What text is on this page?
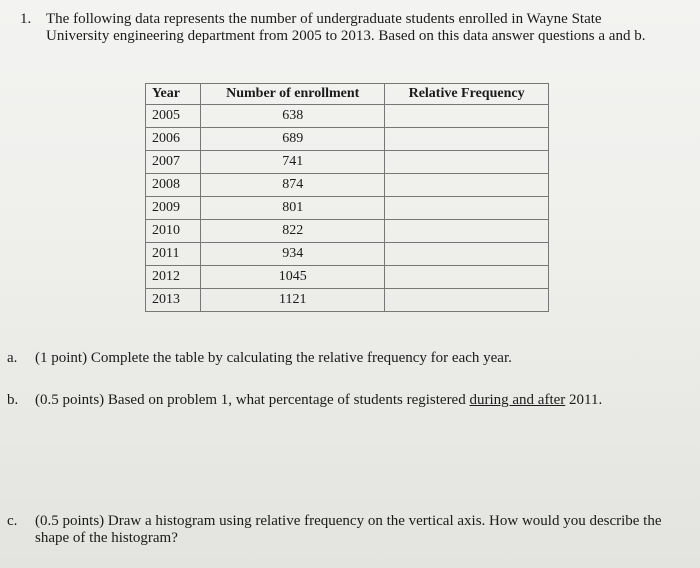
1. The following data represents the number of undergraduate students enrolled in Wayne State University engineering department from 2005 to 2013. Based on this data answer questions a and b.
Year	Number of enrollment	Relative Frequency
2005	638	
2006	689	
2007	741	
2008	874	
2009	801	
2010	822	
2011	934	
2012	1045	
2013	1121	
a. (1 point) Complete the table by calculating the relative frequency for each year.
b. (0.5 points) Based on problem 1, what percentage of students registered during and after 2011.
c. (0.5 points) Draw a histogram using relative frequency on the vertical axis. How would you describe the shape of the histogram?
